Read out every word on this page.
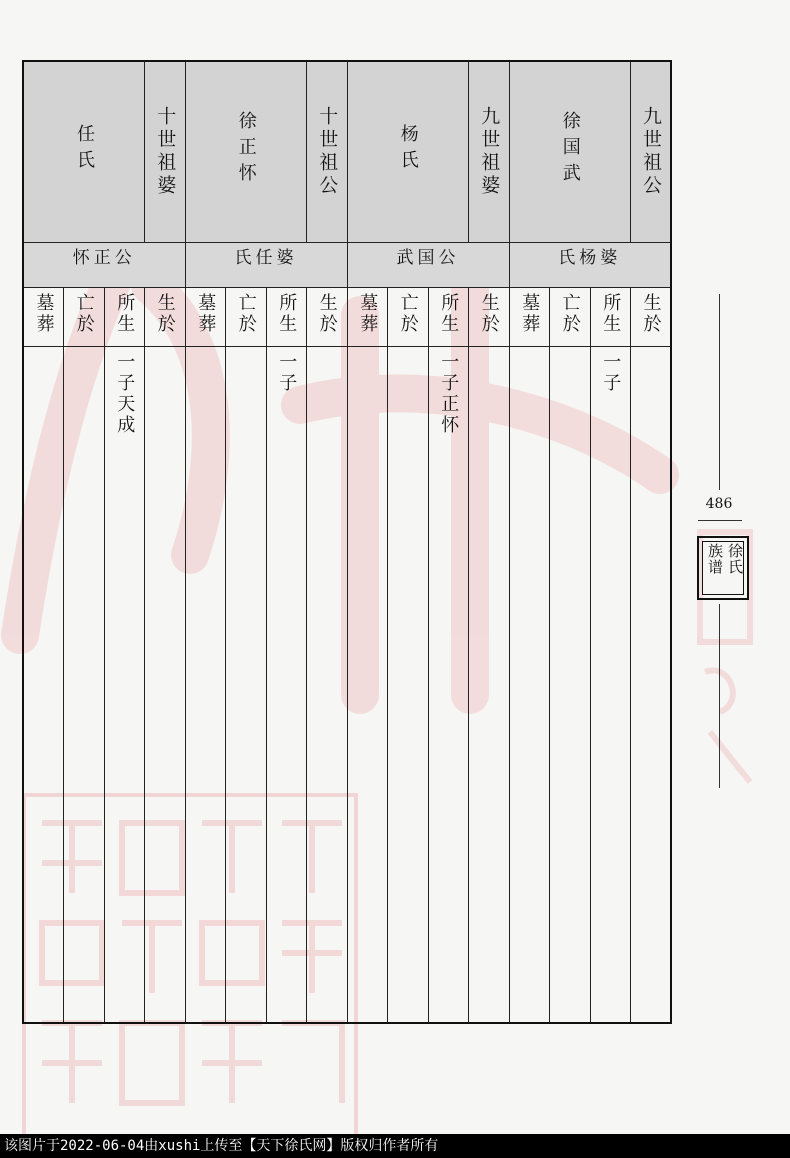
任氏			十世祖婆	徐正怀			十世祖公	杨氏			九世祖婆	徐国武			九世祖公
怀正公				氏任婆				武国公				氏杨婆			
墓葬	亡於	所生	生於	墓葬	亡於	所生	生於	墓葬	亡於	所生	生於	墓葬	亡於	所生	生於
		一子天成				一子				一子正怀				一子	
486
徐氏
族谱
该图片于2022-06-04由xushi上传至【天下徐氏网】版权归作者所有
